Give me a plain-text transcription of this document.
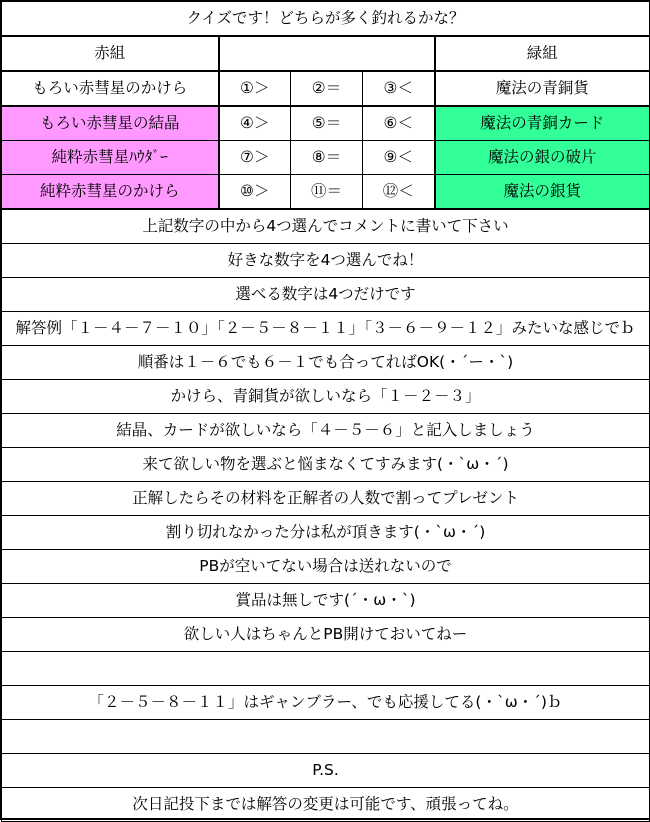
クイズです！どちらが多く釣れるかな？				
赤組				緑組
もろい赤彗星のかけら	①＞	②＝	③＜	魔法の青銅貨
もろい赤彗星の結晶	④＞	⑤＝	⑥＜	魔法の青銅カード
純粋赤彗星ﾊｳﾀﾞｰ	⑦＞	⑧＝	⑨＜	魔法の銀の破片
純粋赤彗星のかけら	⑩＞	⑪＝	⑫＜	魔法の銀貨
上記数字の中から4つ選んでコメントに書いて下さい				
好きな数字を4つ選んでね！				
選べる数字は4つだけです				
解答例「１－４－７－１０」「２－５－８－１１」「３－６－９－１２」みたいな感じでｂ				
順番は１－６でも６－１でも合ってればOK(・´ー・`)				
かけら、青銅貨が欲しいなら「１－２－３」				
結晶、カードが欲しいなら「４－５－６」と記入しましょう				
来て欲しい物を選ぶと悩まなくてすみます(・`ω・´)				
正解したらその材料を正解者の人数で割ってプレゼント				
割り切れなかった分は私が頂きます(・`ω・´)				
PBが空いてない場合は送れないので				
賞品は無しです(´・ω・`)				
欲しい人はちゃんとPB開けておいてねー				

「２－５－８－１１」はギャンブラー、でも応援してる(・`ω・´)ｂ				

P.S.				
次日記投下までは解答の変更は可能です、頑張ってね。				
